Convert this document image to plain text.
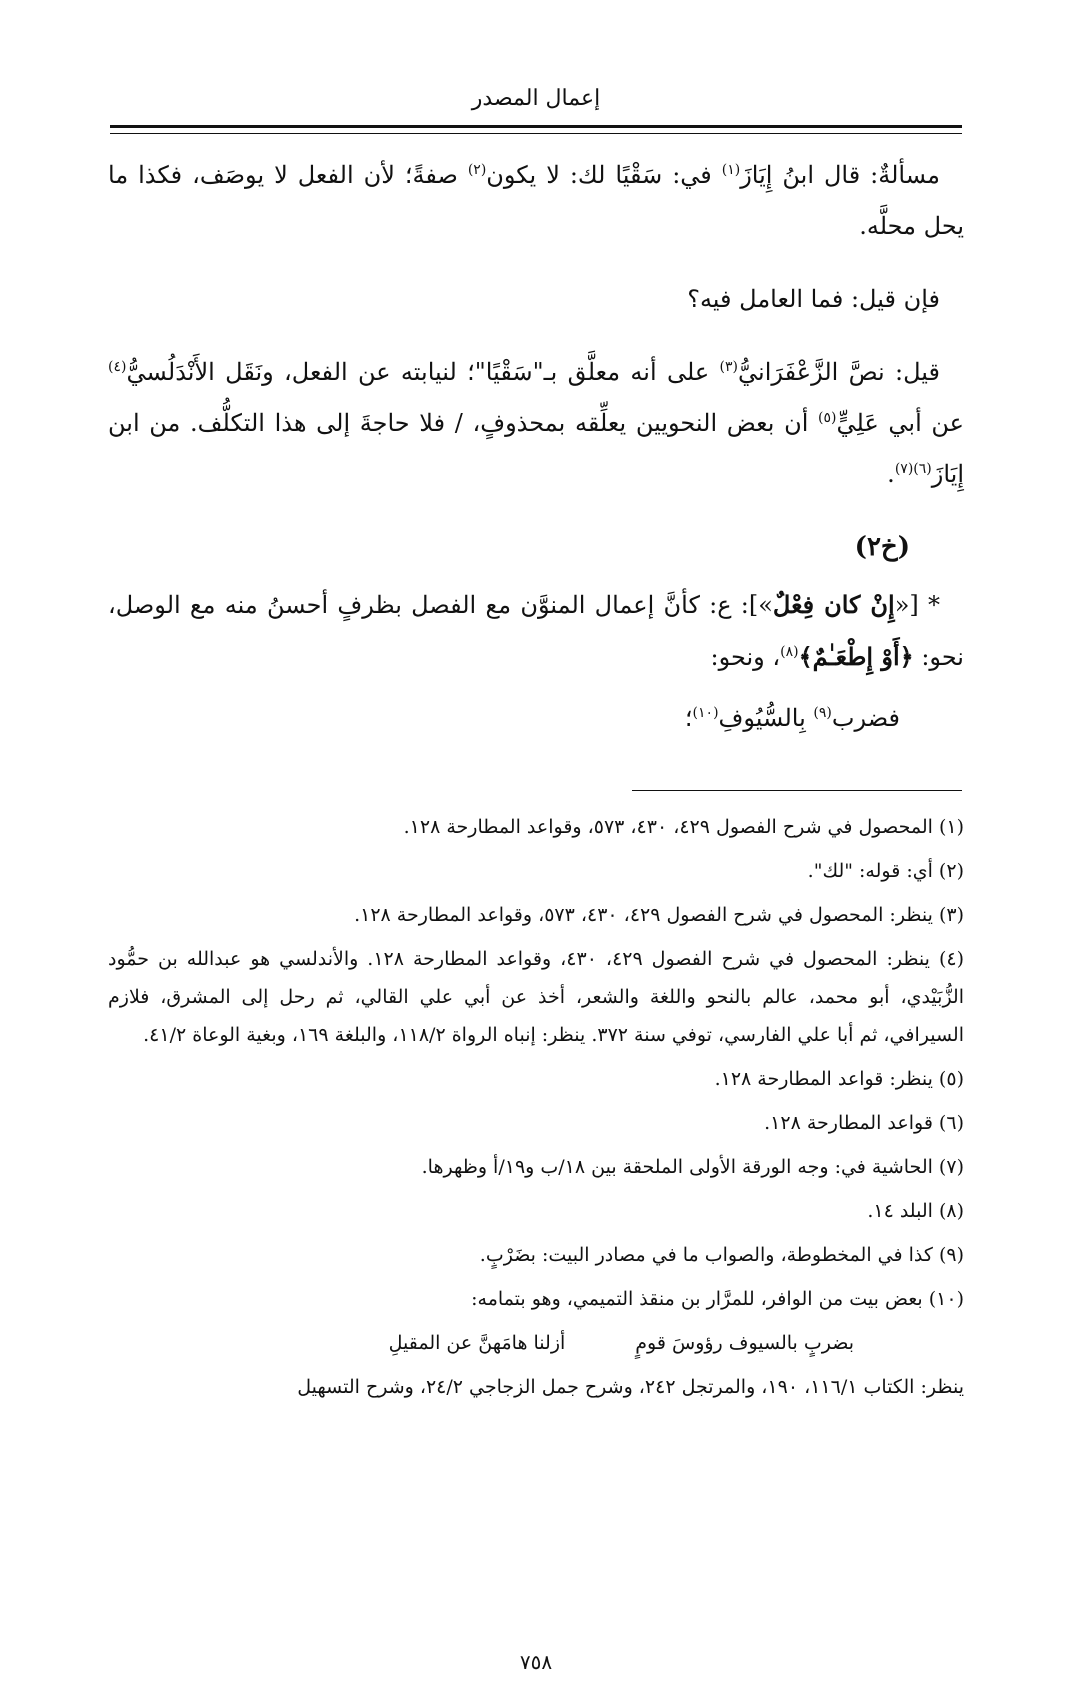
إعمال المصدر

مسألةٌ: قال ابنُ إِيَازَ$^{(١)}$ في: سَقْيًا لك: لا يكون$^{(٢)}$ صفةً؛ لأن الفعل لا يوصَف، فكذا ما يحل محلَّه.

فإن قيل: فما العامل فيه؟

قيل: نصَّ الزَّعْفَرَانيُّ$^{(٣)}$ على أنه معلَّق بـ"سَقْيًا"؛ لنيابته عن الفعل، ونَقَل الأَنْدَلُسيُّ$^{(٤)}$ عن أبي عَلِيٍّ$^{(٥)}$ أن بعض النحويين يعلِّقه بمحذوفٍ، / فلا حاجةَ إلى هذا التكلُّف. من ابن إِيَازَ$^{(٦)(٧)}$.

(خ٢)

* [«إِنْ كان فِعْلٌ»]: ع: كأنَّ إعمال المنوَّن مع الفصل بظرفٍ أحسنُ منه مع الوصل، نحو: ﴿أَوْ إِطْعَـٰمٌ﴾$^{(٨)}$، ونحو:

فضرب$^{(٩)}$ بِالسُّيُوفِ$^{(١٠)}$؛

(١) المحصول في شرح الفصول ٤٢٩، ٤٣٠، ٥٧٣، وقواعد المطارحة ١٢٨.

(٢) أي: قوله: "لك".

(٣) ينظر: المحصول في شرح الفصول ٤٢٩، ٤٣٠، ٥٧٣، وقواعد المطارحة ١٢٨.

(٤) ينظر: المحصول في شرح الفصول ٤٢٩، ٤٣٠، وقواعد المطارحة ١٢٨. والأندلسي هو عبدالله بن حمُّود الزُّبَيْدي، أبو محمد، عالم بالنحو واللغة والشعر، أخذ عن أبي علي القالي، ثم رحل إلى المشرق، فلازم السيرافي، ثم أبا علي الفارسي، توفي سنة ٣٧٢. ينظر: إنباه الرواة ١١٨/٢، والبلغة ١٦٩، وبغية الوعاة ٤١/٢.

(٥) ينظر: قواعد المطارحة ١٢٨.

(٦) قواعد المطارحة ١٢٨.

(٧) الحاشية في: وجه الورقة الأولى الملحقة بين ١٨/ب و١٩/أ وظهرها.

(٨) البلد ١٤.

(٩) كذا في المخطوطة، والصواب ما في مصادر البيت: بضَرْبٍ.

(١٠) بعض بيت من الوافر، للمرَّار بن منقذ التميمي، وهو بتمامه:

بضربٍ بالسيوف رؤوسَ قومٍ
أزلنا هامَهنَّ عن المقيلِ

ينظر: الكتاب ١١٦/١، ١٩٠، والمرتجل ٢٤٢، وشرح جمل الزجاجي ٢٤/٢، وشرح التسهيل

٧٥٨
